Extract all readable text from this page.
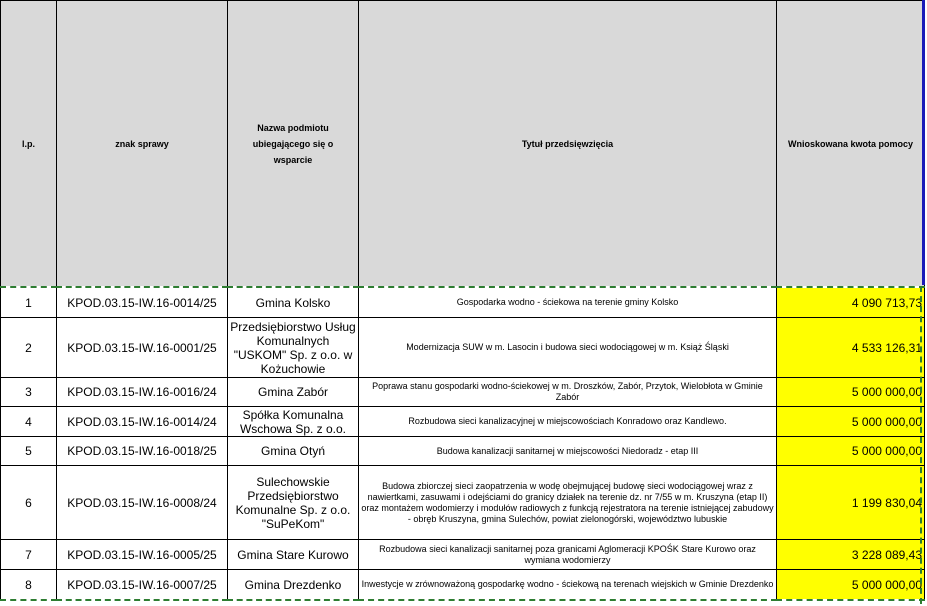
l.p.	znak sprawy	Nazwa podmiotu ubiegającego się o wsparcie	Tytuł przedsięwzięcia	Wnioskowana kwota pomocy
1	KPOD.03.15-IW.16-0014/25	Gmina Kolsko	Gospodarka wodno - ściekowa na terenie gminy Kolsko	4 090 713,73
2	KPOD.03.15-IW.16-0001/25	Przedsiębiorstwo Usług Komunalnych "USKOM" Sp. z o.o. w Kożuchowie	Modernizacja SUW w m. Lasocin i budowa sieci wodociągowej w m. Książ Śląski	4 533 126,31
3	KPOD.03.15-IW.16-0016/24	Gmina Zabór	Poprawa stanu gospodarki wodno-ściekowej w m. Droszków, Zabór, Przytok, Wielobłota w Gminie Zabór	5 000 000,00
4	KPOD.03.15-IW.16-0014/24	Spółka Komunalna Wschowa Sp. z o.o.	Rozbudowa sieci kanalizacyjnej w miejscowościach Konradowo oraz Kandlewo.	5 000 000,00
5	KPOD.03.15-IW.16-0018/25	Gmina Otyń	Budowa kanalizacji sanitarnej w miejscowości Niedoradz - etap III	5 000 000,00
6	KPOD.03.15-IW.16-0008/24	Sulechowskie Przedsiębiorstwo Komunalne Sp. z o.o. "SuPeKom"	Budowa zbiorczej sieci zaopatrzenia w wodę obejmującej budowę sieci wodociągowej wraz z nawiertkami, zasuwami i odejściami do granicy działek na terenie dz. nr 7/55 w m. Kruszyna (etap II) oraz montażem wodomierzy i modułów radiowych z funkcją rejestratora na terenie istniejącej zabudowy - obręb Kruszyna, gmina Sulechów, powiat zielonogórski, województwo lubuskie	1 199 830,04
7	KPOD.03.15-IW.16-0005/25	Gmina Stare Kurowo	Rozbudowa sieci kanalizacji sanitarnej poza granicami Aglomeracji KPOŚK Stare Kurowo oraz wymiana wodomierzy	3 228 089,43
8	KPOD.03.15-IW.16-0007/25	Gmina Drezdenko	Inwestycje w zrównoważoną gospodarkę wodno - ściekową na terenach wiejskich w Gminie Drezdenko	5 000 000,00
